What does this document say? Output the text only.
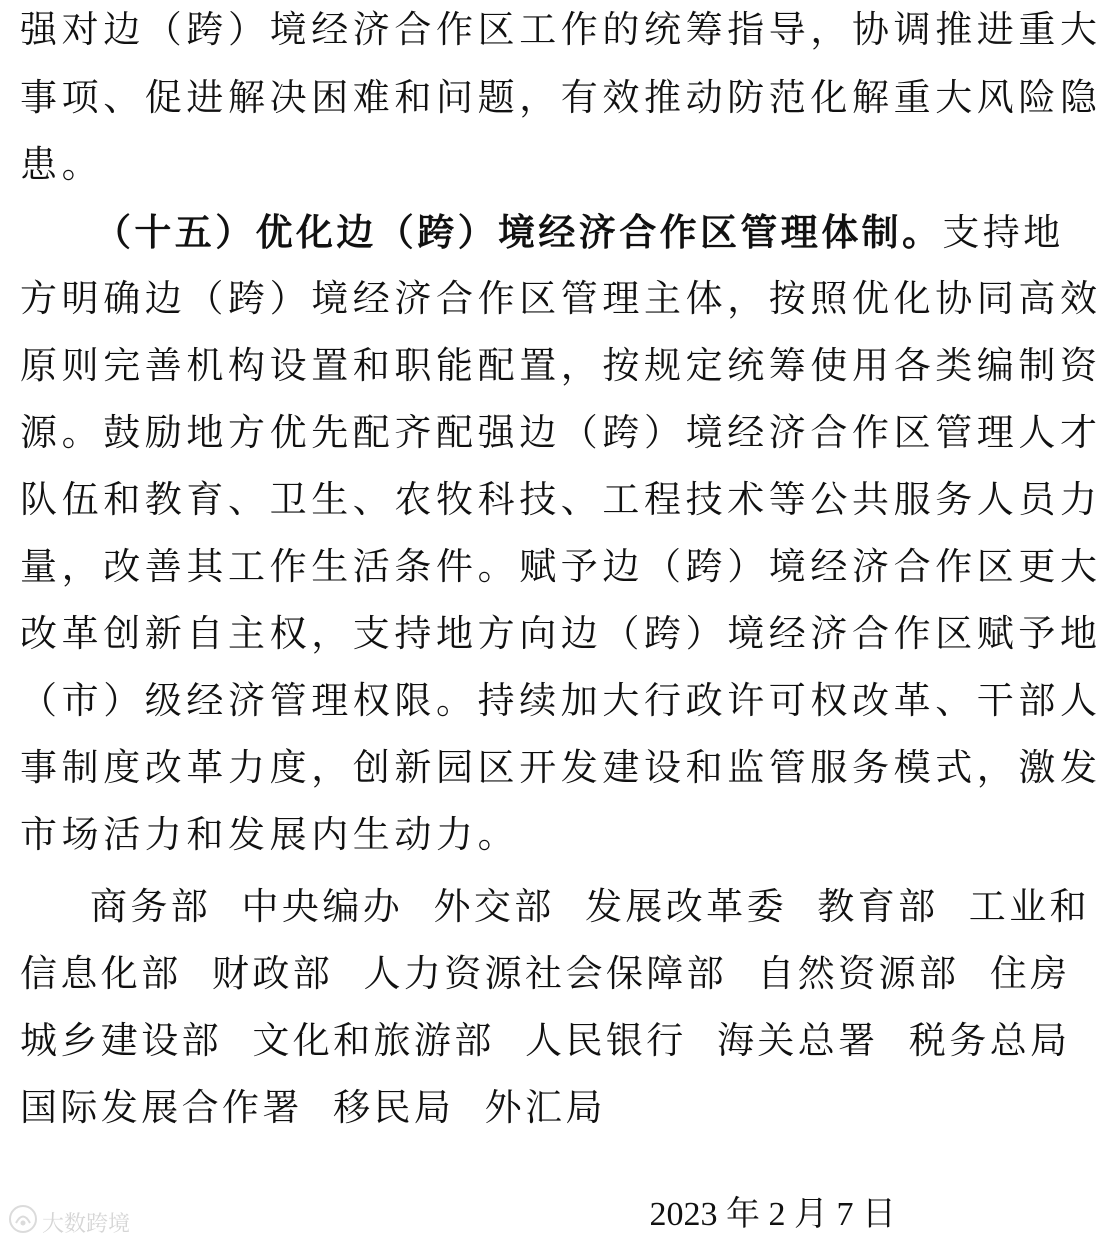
强对边（跨）境经济合作区工作的统筹指导，协调推进重大
事项、促进解决困难和问题，有效推动防范化解重大风险隐
患。
（十五）优化边（跨）境经济合作区管理体制。支持地
方明确边（跨）境经济合作区管理主体，按照优化协同高效
原则完善机构设置和职能配置，按规定统筹使用各类编制资
源。鼓励地方优先配齐配强边（跨）境经济合作区管理人才
队伍和教育、卫生、农牧科技、工程技术等公共服务人员力
量，改善其工作生活条件。赋予边（跨）境经济合作区更大
改革创新自主权，支持地方向边（跨）境经济合作区赋予地
（市）级经济管理权限。持续加大行政许可权改革、干部人
事制度改革力度，创新园区开发建设和监管服务模式，激发
市场活力和发展内生动力。
商务部  中央编办  外交部  发展改革委  教育部  工业和
信息化部  财政部  人力资源社会保障部  自然资源部  住房
城乡建设部  文化和旅游部  人民银行  海关总署  税务总局
国际发展合作署  移民局  外汇局
2023 年 2 月 7 日
大数跨境
